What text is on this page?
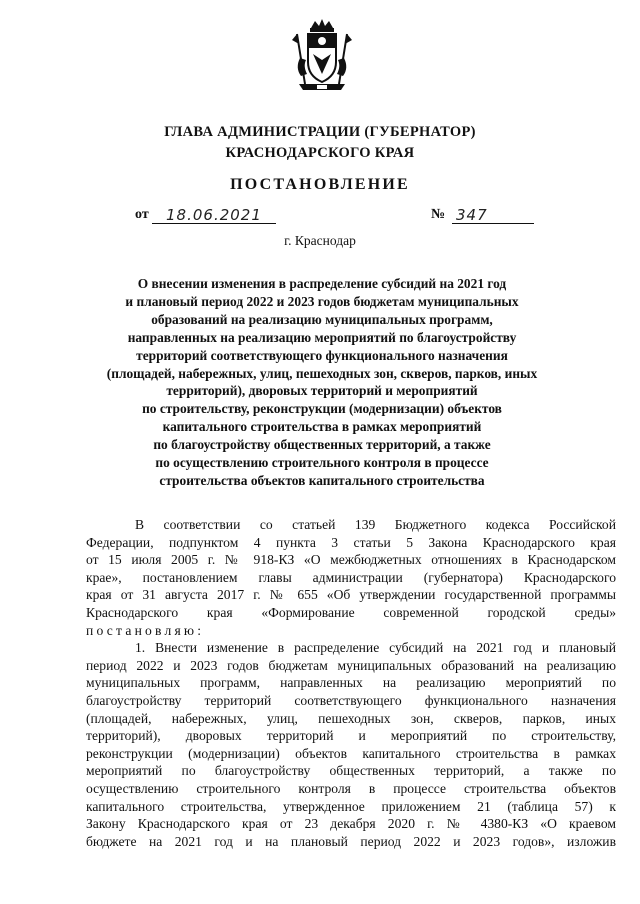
ГЛАВА АДМИНИСТРАЦИИ (ГУБЕРНАТОР)
КРАСНОДАРСКОГО КРАЯ
ПОСТАНОВЛЕНИЕ
от 18.06.2021	№ 347
г. Краснодар
О внесении изменения в распределение субсидий на 2021 год
и плановый период 2022 и 2023 годов бюджетам муниципальных
образований на реализацию муниципальных программ,
направленных на реализацию мероприятий по благоустройству
территорий соответствующего функционального назначения
(площадей, набережных, улиц, пешеходных зон, скверов, парков, иных
территорий), дворовых территорий и мероприятий
по строительству, реконструкции (модернизации) объектов
капитального строительства в рамках мероприятий
по благоустройству общественных территорий, а также
по осуществлению строительного контроля в процессе
строительства объектов капитального строительства
В соответствии со статьей 139 Бюджетного кодекса Российской
Федерации, подпунктом 4 пункта 3 статьи 5 Закона Краснодарского края
от 15 июля 2005 г. № 918-КЗ «О межбюджетных отношениях в Краснодарском
крае», постановлением главы администрации (губернатора) Краснодарского
края от 31 августа 2017 г. № 655 «Об утверждении государственной программы
Краснодарского края «Формирование современной городской среды»
постановляю:
1. Внести изменение в распределение субсидий на 2021 год и плановый
период 2022 и 2023 годов бюджетам муниципальных образований на реализацию
муниципальных программ, направленных на реализацию мероприятий по
благоустройству территорий соответствующего функционального назначения
(площадей, набережных, улиц, пешеходных зон, скверов, парков, иных
территорий), дворовых территорий и мероприятий по строительству,
реконструкции (модернизации) объектов капитального строительства в рамках
мероприятий по благоустройству общественных территорий, а также по
осуществлению строительного контроля в процессе строительства объектов
капитального строительства, утвержденное приложением 21 (таблица 57) к
Закону Краснодарского края от 23 декабря 2020 г. № 4380-КЗ «О краевом
бюджете на 2021 год и на плановый период 2022 и 2023 годов», изложив
